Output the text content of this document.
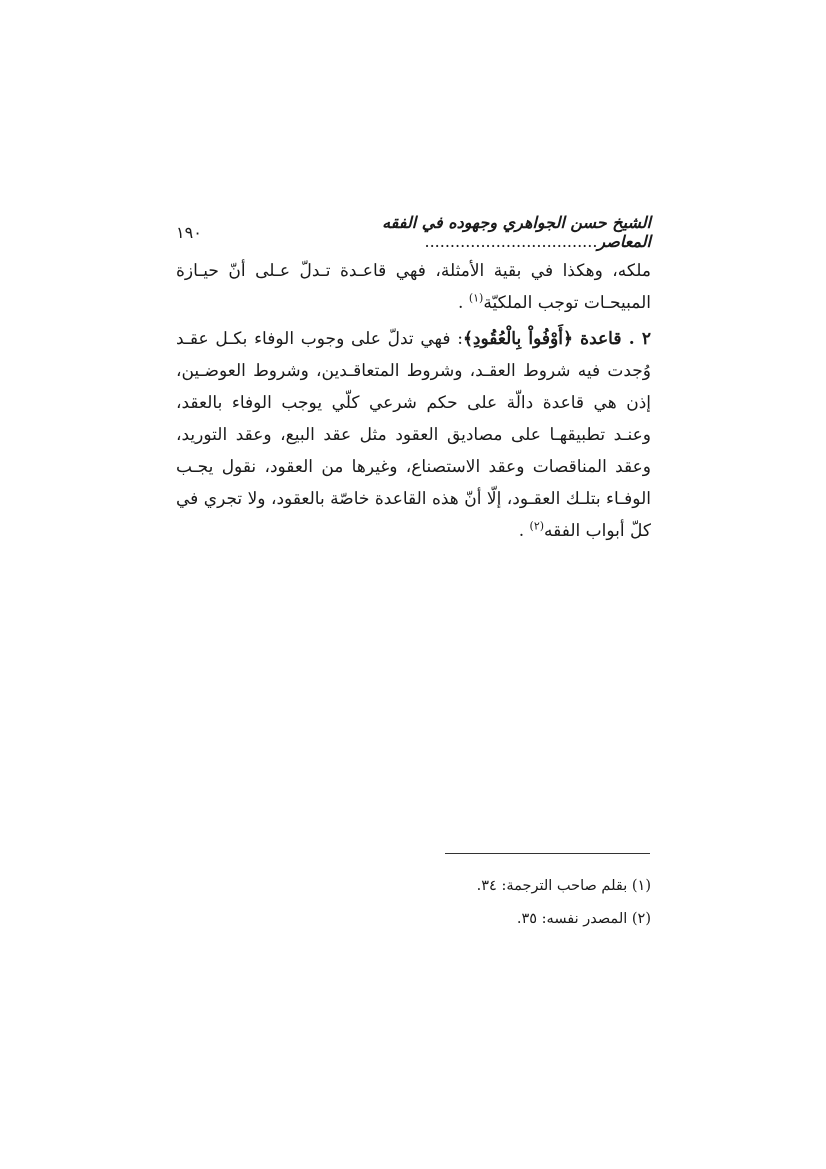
الشيخ حسن الجواهري وجهوده في الفقه المعاصر..................................
١٩٠

ملكه، وهكذا في بقية الأمثلة، فهي قاعـدة تـدلّ عـلى أنّ حيـازة المبيحـات توجب الملكيّة$^{(١)}$ .

٢ . قاعدة ﴿أَوْفُواْ بِالْعُقُودِ﴾: فهي تدلّ على وجوب الوفاء بكـل عقـد وُجدت فيه شروط العقـد، وشروط المتعاقـدين، وشروط العوضـين، إذن هي قاعدة دالّة على حكم شرعي كلّي يوجب الوفاء بالعقد، وعنـد تطبيقهـا على مصاديق العقود مثل عقد البيع، وعقد التوريد، وعقد المناقصات وعقد الاستصناع، وغيرها من العقود، نقول يجـب الوفـاء بتلـك العقـود، إلّا أنّ هذه القاعدة خاصّة بالعقود، ولا تجري في كلّ أبواب الفقه$^{(٢)}$ .

(١) بقلم صاحب الترجمة: ٣٤.
(٢) المصدر نفسه: ٣٥.
